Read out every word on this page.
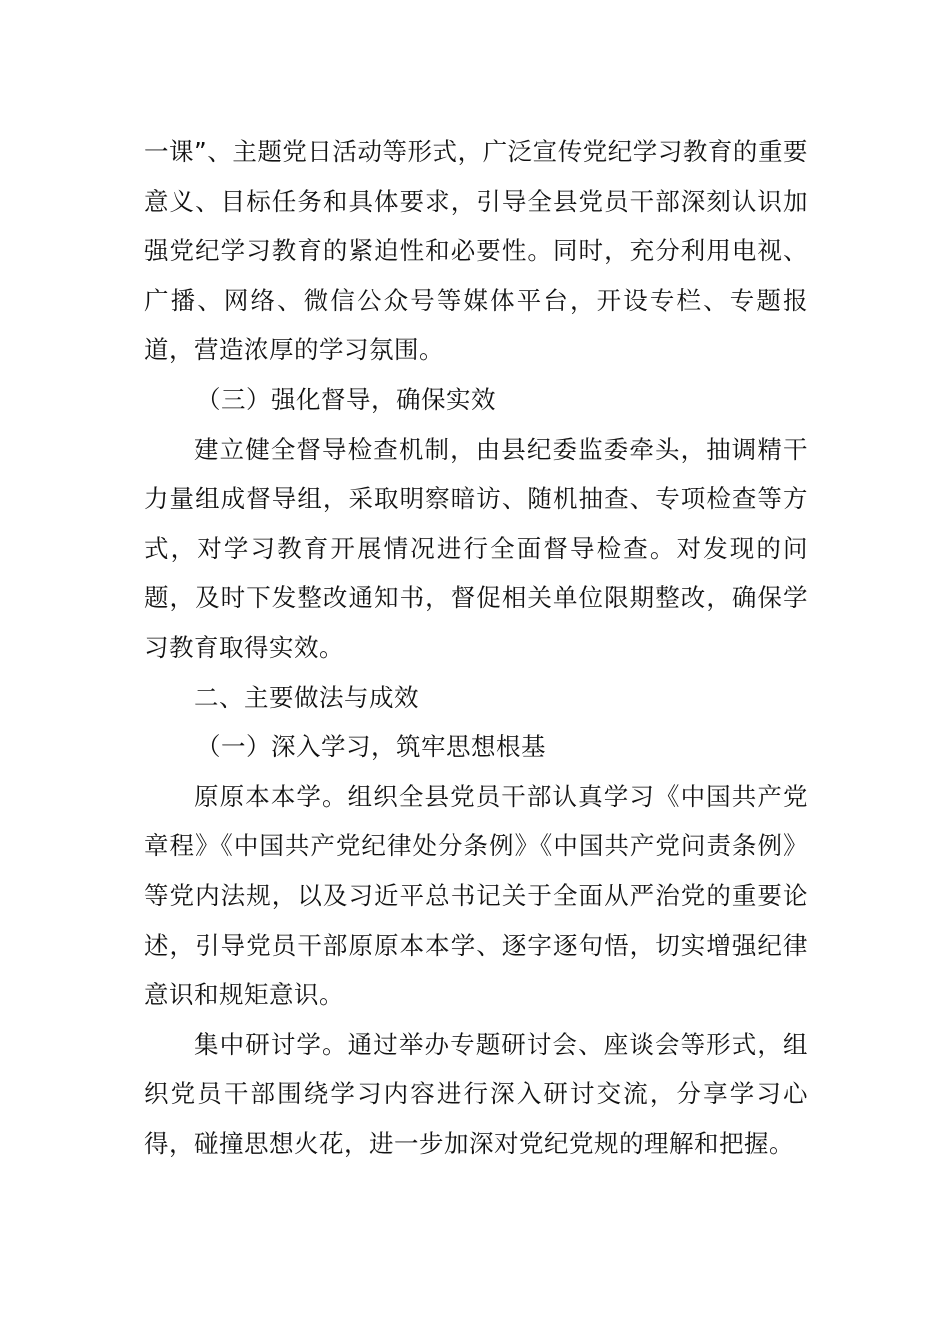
一课”、主题党日活动等形式，广泛宣传党纪学习教育的重要意义、目标任务和具体要求，引导全县党员干部深刻认识加强党纪学习教育的紧迫性和必要性。同时，充分利用电视、广播、网络、微信公众号等媒体平台，开设专栏、专题报道，营造浓厚的学习氛围。

（三）强化督导，确保实效

建立健全督导检查机制，由县纪委监委牵头，抽调精干力量组成督导组，采取明察暗访、随机抽查、专项检查等方式，对学习教育开展情况进行全面督导检查。对发现的问题，及时下发整改通知书，督促相关单位限期整改，确保学习教育取得实效。

二、主要做法与成效

（一）深入学习，筑牢思想根基

原原本本学。组织全县党员干部认真学习《中国共产党章程》《中国共产党纪律处分条例》《中国共产党问责条例》等党内法规，以及习近平总书记关于全面从严治党的重要论述，引导党员干部原原本本学、逐字逐句悟，切实增强纪律意识和规矩意识。

集中研讨学。通过举办专题研讨会、座谈会等形式，组织党员干部围绕学习内容进行深入研讨交流，分享学习心得，碰撞思想火花，进一步加深对党纪党规的理解和把握。
